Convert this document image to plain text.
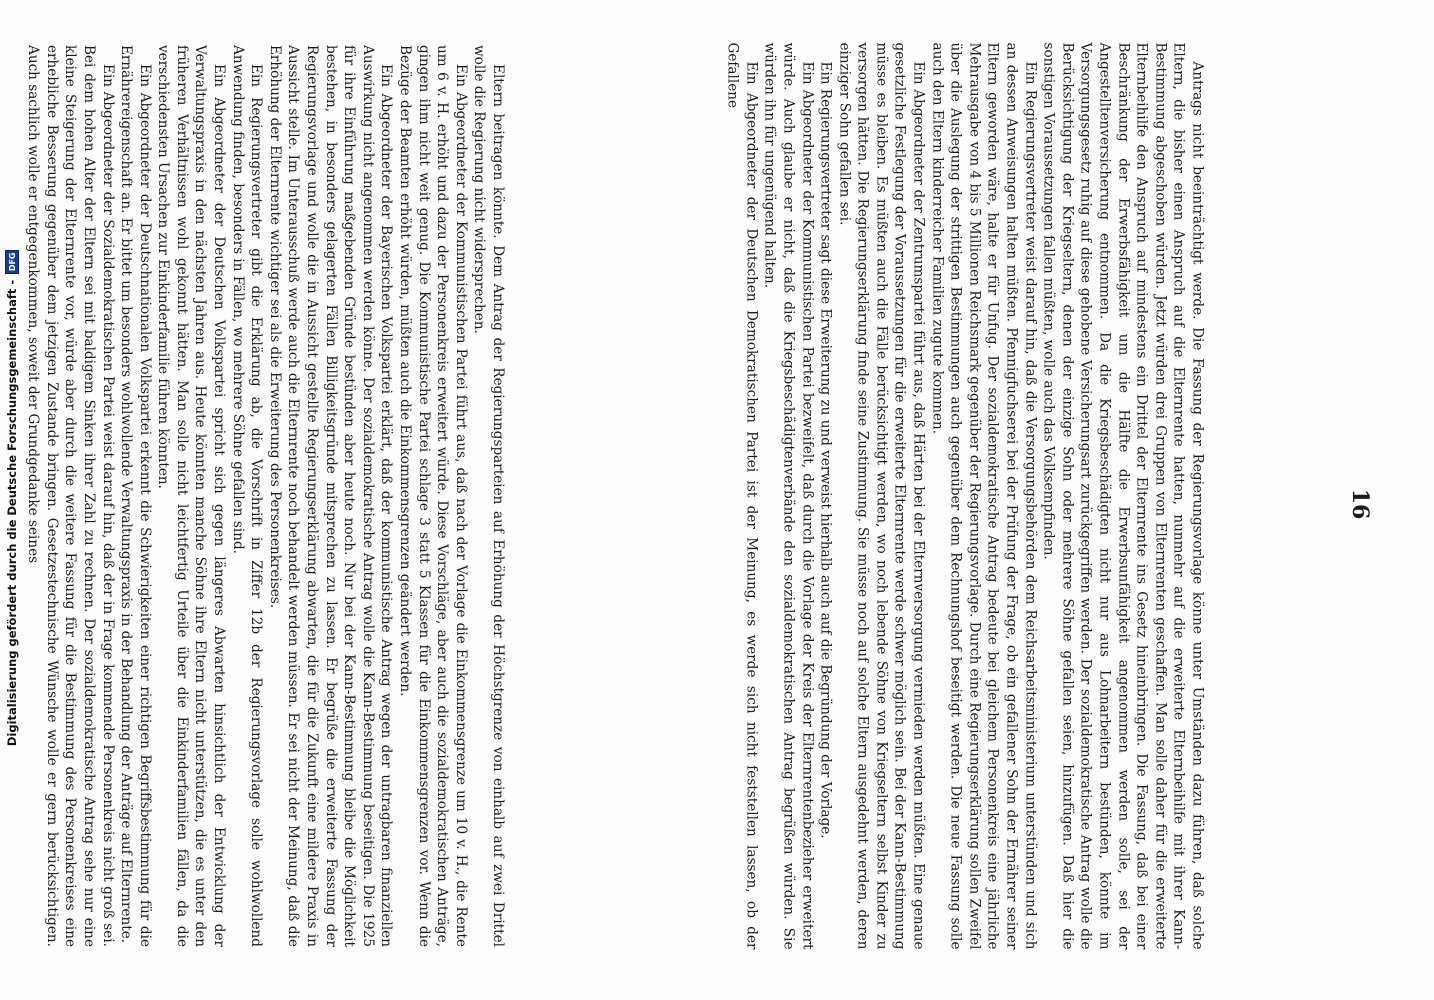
16

Antrags nicht beeinträchtigt werde. Die Fassung der Regierungsvorlage könne unter Umständen dazu führen, daß solche Eltern, die bisher einen Anspruch auf die Elternrente hatten, nunmehr auf die erweiterte Elternbeihilfe mit ihrer Kann-Bestimmung abgeschoben würden. Jetzt würden drei Gruppen von Elternrenten geschaffen. Man solle daher für die erweiterte Elternbeihilfe den Anspruch auf mindestens ein Drittel der Elternrente ins Gesetz hineinbringen. Die Fassung, daß bei einer Beschränkung der Erwerbsfähigkeit um die Hälfte die Erwerbsunfähigkeit angenommen werden solle, sei der Angestelltenversicherung entnommen. Da die Kriegsbeschädigten nicht nur aus Lohnarbeitern bestünden, könnte im Versorgungsgesetz ruhig auf diese gehobene Versicherungsart zurückgegriffen werden. Der sozialdemokratische Antrag wolle die Berücksichtigung der Kriegseltern, denen der einzige Sohn oder mehrere Söhne gefallen seien, hinzufügen. Daß hier die sonstigen Voraussetzungen fallen müßten, wolle auch das Volksempfinden.

Ein Regierungsvertreter weist darauf hin, daß die Versorgungsbehörden dem Reichsarbeitsministerium unterstünden und sich an dessen Anweisungen halten müßten. Pfennigfuchserei bei der Prüfung der Frage, ob ein gefallener Sohn der Ernährer seiner Eltern geworden wäre, halte er für Unfug. Der sozialdemokratische Antrag bedeute bei gleichem Personenkreis eine jährliche Mehrausgabe von 4 bis 5 Millionen Reichsmark gegenüber der Regierungsvorlage. Durch eine Regierungserklärung sollen Zweifel über die Auslegung der strittigen Bestimmungen auch gegenüber dem Rechnungshof beseitigt werden. Die neue Fassung solle auch den Eltern kinderreicher Familien zugute kommen.

Ein Abgeordneter der Zentrumspartei führt aus, daß Härten bei der Elternversorgung vermieden werden müßten. Eine genaue gesetzliche Festlegung der Voraussetzungen für die erweiterte Elternrente werde schwer möglich sein. Bei der Kann-Bestimmung müsse es bleiben. Es müßten auch die Fälle berücksichtigt werden, wo noch lebende Söhne von Kriegseltern selbst Kinder zu versorgen hätten. Die Regierungserklärung finde seine Zustimmung. Sie müsse noch auf solche Eltern ausgedehnt werden, deren einziger Sohn gefallen sei.

Ein Regierungsvertreter sagt diese Erweiterung zu und verweist hierhalb auch auf die Begründung der Vorlage.

Ein Abgeordneter der Kommunistischen Partei bezweifelt, daß durch die Vorlage der Kreis der Elternrentenbezieher erweitert würde. Auch glaube er nicht, daß die Kriegsbeschädigtenverbände den sozialdemokratischen Antrag begrüßen würden. Sie würden ihn für ungenügend halten.

Ein Abgeordneter der Deutschen Demokratischen Partei ist der Meinung, es werde sich nicht feststellen lassen, ob der Gefallene

Eltern beitragen könnte. Dem Antrag der Regierungsparteien auf Erhöhung der Höchstgrenze von einhalb auf zwei Drittel wolle die Regierung nicht widersprechen.

Ein Abgeordneter der Kommunistischen Partei führt aus, daß nach der Vorlage die Einkommensgrenze um 10 v. H., die Rente um 6 v. H. erhöht und dazu der Personenkreis erweitert würde. Diese Vorschläge, aber auch die sozialdemokratischen Anträge, gingen ihm nicht weit genug. Die Kommunistische Partei schlage 3 statt 5 Klassen für die Einkommensgrenzen vor. Wenn die Bezüge der Beamten erhöht würden, müßten auch die Einkommensgrenzen geändert werden.

Ein Abgeordneter der Bayerischen Volkspartei erklärt, daß der kommunistische Antrag wegen der untragbaren finanziellen Auswirkung nicht angenommen werden könne. Der sozialdemokratische Antrag wolle die Kann-Bestimmung beseitigen. Die 1925 für ihre Einführung maßgebenden Gründe bestünden aber heute noch. Nur bei der Kann-Bestimmung bleibe die Möglichkeit bestehen, in besonders gelagerten Fällen Billigkeitsgründe mitsprechen zu lassen. Er begrüße die erweiterte Fassung der Regierungsvorlage und wolle die in Aussicht gestellte Regierungserklärung abwarten, die für die Zukunft eine mildere Praxis in Aussicht stelle. Im Unterausschuß werde auch die Elternrente noch behandelt werden müssen. Er sei nicht der Meinung, daß die Erhöhung der Elternrente wichtiger sei als die Erweiterung des Personenkreises.

Ein Regierungsvertreter gibt die Erklärung ab, die Vorschrift in Ziffer 12b der Regierungsvorlage solle wohlwollend Anwendung finden, besonders in Fällen, wo mehrere Söhne gefallen sind.

Ein Abgeordneter der Deutschen Volkspartei spricht sich gegen längeres Abwarten hinsichtlich der Entwicklung der Verwaltungspraxis in den nächsten Jahren aus. Heute könnten manche Söhne ihre Eltern nicht unterstützen, die es unter den früheren Verhältnissen wohl gekonnt hätten. Man solle nicht leichtfertig Urteile über die Einkinderfamilien fällen, da die verschiedensten Ursachen zur Einkinderfamilie führen könnten.

Ein Abgeordneter der Deutschnationalen Volkspartei erkennt die Schwierigkeiten einer richtigen Begriffsbestimmung für die Ernährereigenschaft an. Er bittet um besonders wohlwollende Verwaltungspraxis in der Behandlung der Anträge auf Elternrente.

Ein Abgeordneter der Sozialdemokratischen Partei weist darauf hin, daß der in Frage kommende Personenkreis nicht groß sei. Bei dem hohen Alter der Eltern sei mit baldigem Sinken ihrer Zahl zu rechnen. Der sozialdemokratische Antrag sehe nur eine kleine Steigerung der Elternrente vor, würde aber durch die weitere Fassung für die Bestimmung des Personenkreises eine erhebliche Besserung gegenüber dem jetzigen Zustande bringen. Gesetzestechnische Wünsche wolle er gern berücksichtigen. Auch sachlich wolle er entgegenkommen, soweit der Grundgedanke seines

Digitalisierung gefördert durch die Deutsche Forschungsgemeinschaft -
DFG
